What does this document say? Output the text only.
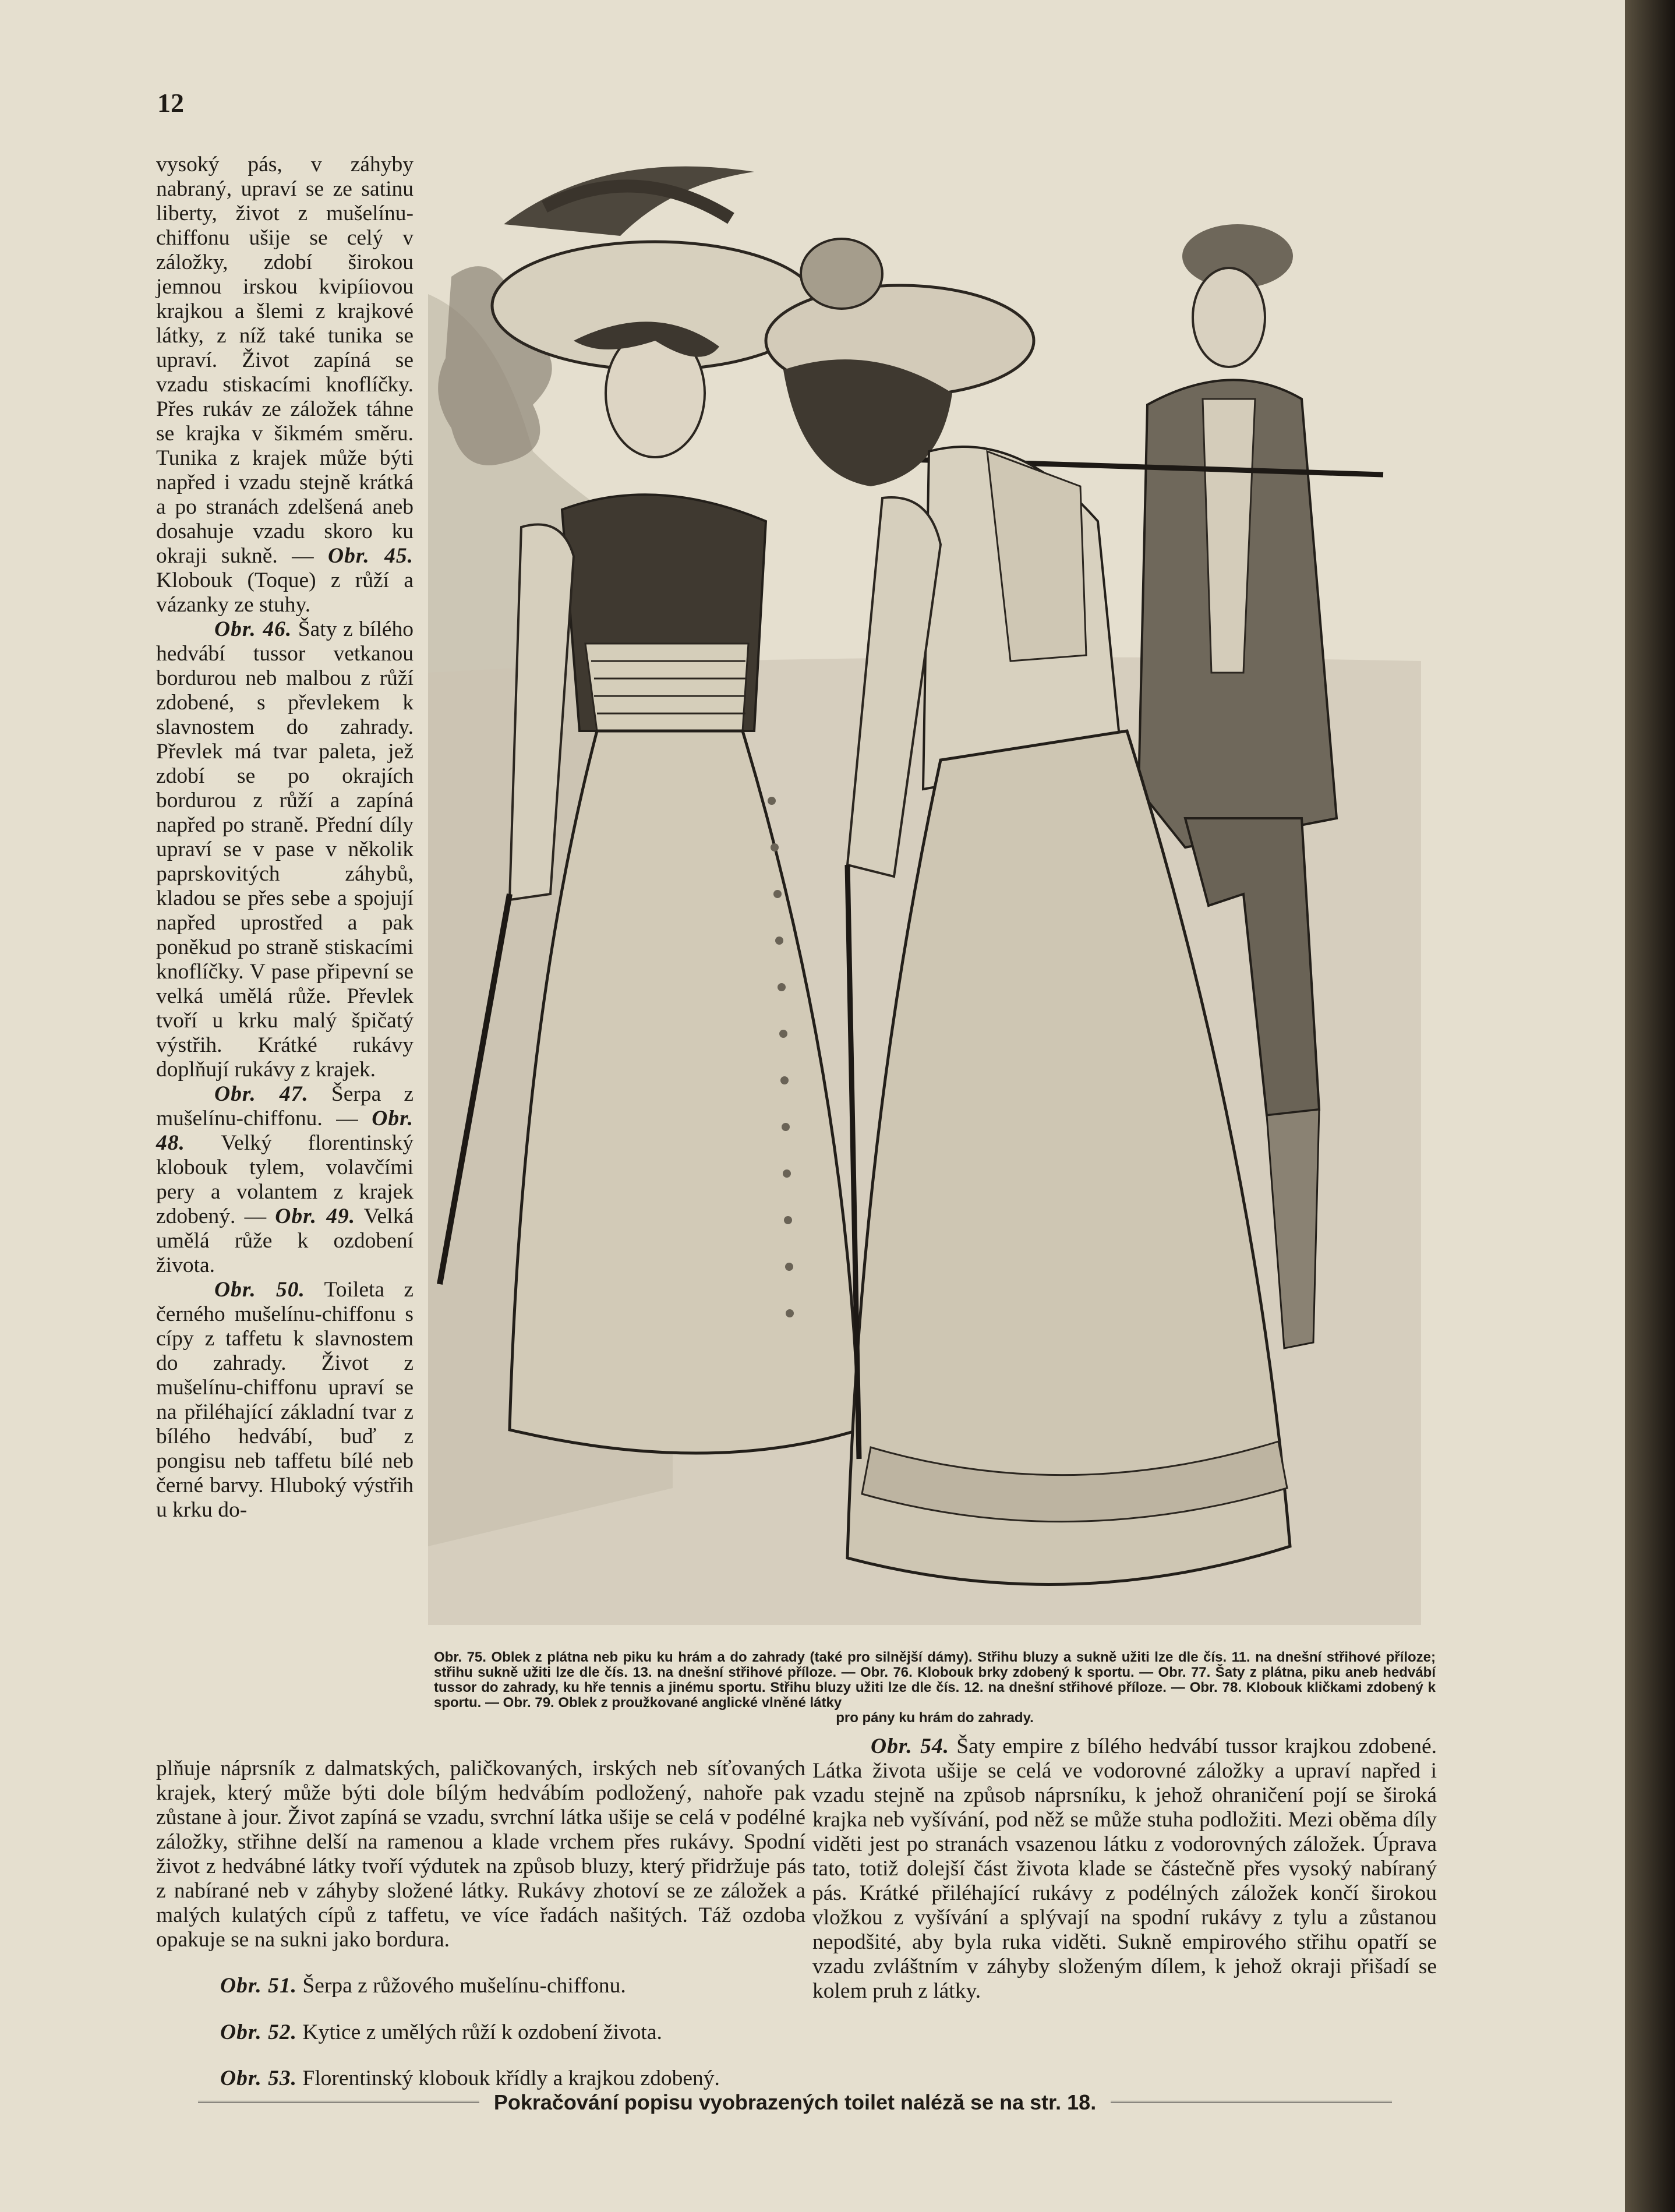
12

vysoký pás, v záhyby nabraný, upraví se ze satinu liberty, život z mušelínu-chiffonu ušije se celý v záložky, zdobí širokou jemnou irskou kvipíiovou krajkou a šlemi z krajkové látky, z níž také tunika se upraví. Život zapíná se vzadu stiskacími knoflíčky. Přes rukáv ze záložek táhne se krajka v šikmém směru. Tunika z krajek může býti napřed i vzadu stejně krátká a po stranách zdelšená aneb dosahuje vzadu skoro ku okraji sukně. — Obr. 45. Klobouk (Toque) z růží a vázanky ze stuhy.

Obr. 46. Šaty z bílého hedvábí tussor vetkanou bordurou neb malbou z růží zdobené, s převlekem k slavnostem do zahrady. Převlek má tvar paleta, jež zdobí se po okrajích bordurou z růží a zapíná napřed po straně. Přední díly upraví se v pase v několik paprskovitých záhybů, kladou se přes sebe a spojují napřed uprostřed a pak poněkud po straně stiskacími knoflíčky. V pase připevní se velká umělá růže. Převlek tvoří u krku malý špičatý výstřih. Krátké rukávy doplňují rukávy z krajek.

Obr. 47. Šerpa z mušelínu-chiffonu. — Obr. 48. Velký florentinský klobouk tylem, volavčími pery a volantem z krajek zdobený. — Obr. 49. Velká umělá růže k ozdobení života.

Obr. 50. Toileta z černého mušelínu-chiffonu s cípy z taffetu k slavnostem do zahrady. Život z mušelínu-chiffonu upraví se na přiléhající základní tvar z bílého hedvábí, buď z pongisu neb taffetu bílé neb černé barvy. Hluboký výstřih u krku do-

Obr. 75. Oblek z plátna neb piku ku hrám a do zahrady (také pro silnější dámy). Střihu bluzy a sukně užiti lze dle čís. 11. na dnešní střihové příloze; střihu sukně užiti lze dle čís. 13. na dnešní střihové příloze. — Obr. 76. Klobouk brky zdobený k sportu. — Obr. 77. Šaty z plátna, piku aneb hedvábí tussor do zahrady, ku hře tennis a jinému sportu. Střihu bluzy užiti lze dle čís. 12. na dnešní střihové příloze. — Obr. 78. Klobouk kličkami zdobený k sportu. — Obr. 79. Oblek z proužkované anglické vlněné látky
pro pány ku hrám do zahrady.

plňuje náprsník z dalmatských, paličkovaných, irských neb síťovaných krajek, který může býti dole bílým hedvábím podložený, nahoře pak zůstane à jour. Život zapíná se vzadu, svrchní látka ušije se celá v podélné záložky, střihne delší na ramenou a klade vrchem přes rukávy. Spodní život z hedvábné látky tvoří výdutek na způsob bluzy, který přidržuje pás z nabírané neb v záhyby složené látky. Rukávy zhotoví se ze záložek a malých kulatých cípů z taffetu, ve více řadách našitých. Táž ozdoba opakuje se na sukni jako bordura.

Obr. 51. Šerpa z růžového mušelínu-chiffonu.

Obr. 52. Kytice z umělých růží k ozdobení života.

Obr. 53. Florentinský klobouk křídly a krajkou zdobený.

Obr. 54. Šaty empire z bílého hedvábí tussor krajkou zdobené. Látka života ušije se celá ve vodorovné záložky a upraví napřed i vzadu stejně na způsob náprsníku, k jehož ohraničení pojí se široká krajka neb vyšívání, pod něž se může stuha podložiti. Mezi oběma díly viděti jest po stranách vsazenou látku z vodorovných záložek. Úprava tato, totiž dolejší část života klade se částečně přes vysoký nabíraný pás. Krátké přiléhající rukávy z podélných záložek končí širokou vložkou z vyšívání a splývají na spodní rukávy z tylu a zůstanou nepodšité, aby byla ruka viděti. Sukně empirového střihu opatří se vzadu zvláštním v záhyby složeným dílem, k jehož okraji přišadí se kolem pruh z látky.

Pokračování popisu vyobrazených toilet naléză se na str. 18.
